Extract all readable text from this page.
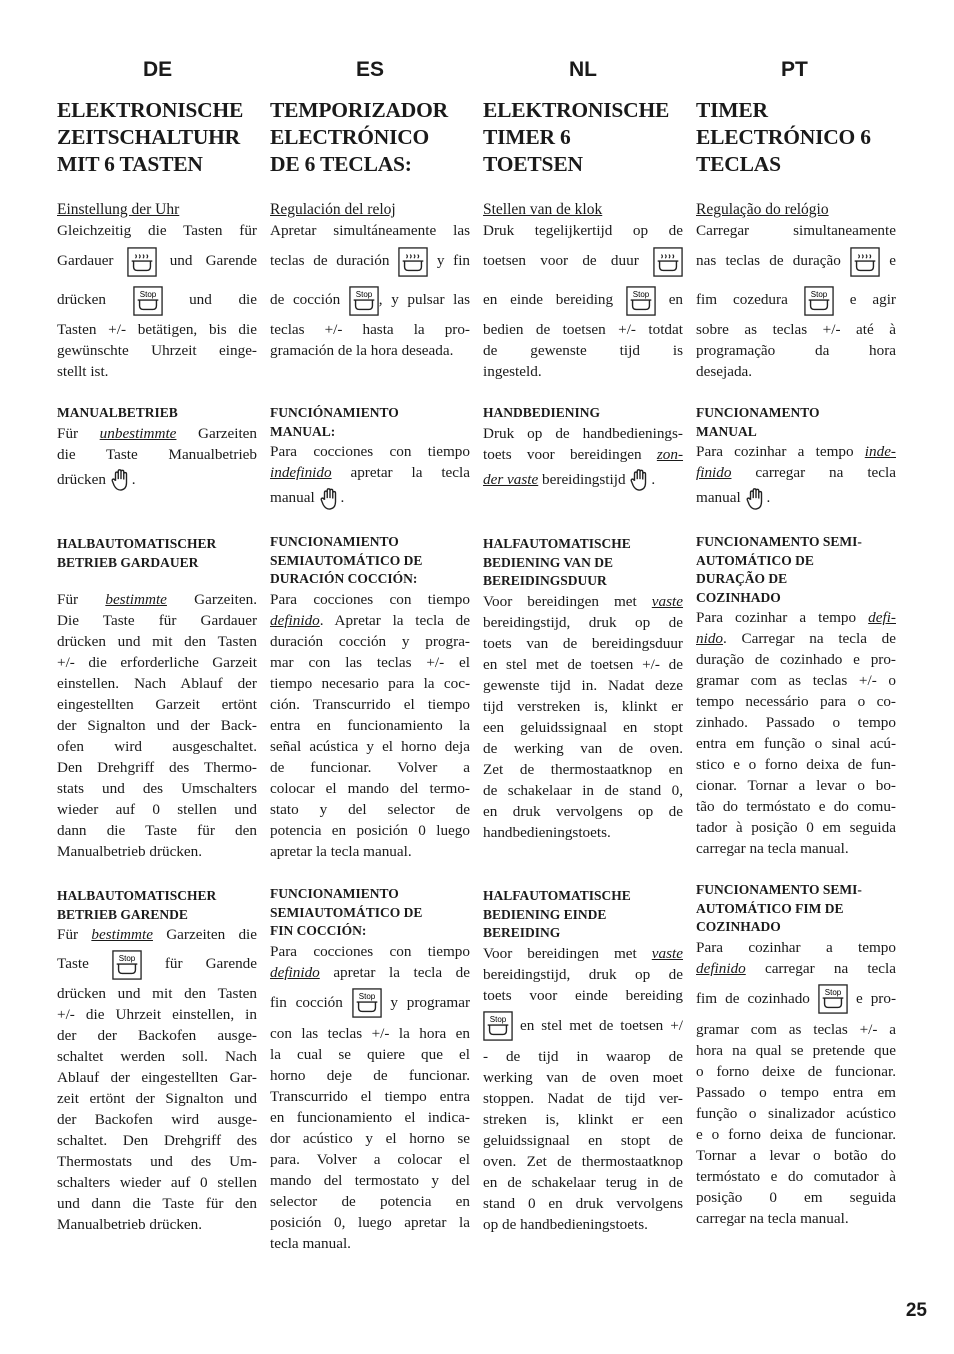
DE	ES	NL	PT

ELEKTRONISCHE
ZEITSCHALTUHR
MIT 6 TASTEN

Einstellung der Uhr
Gleichzeitig die Tasten für
Gardauer	und Garende
drücken	Stop und die
Tasten +/- betätigen, bis die
gewünschte Uhrzeit einge-
stellt ist.
MANUALBETRIEB
Für unbestimmte Garzeiten
die Taste Manualbetrieb
drücken .
HALBAUTOMATISCHER
BETRIEB GARDAUER
Für bestimmte Garzeiten.
Die Taste für Gardauer
drücken und mit den Tasten
+/- die erforderliche Garzeit
einstellen. Nach Ablauf der
eingestellten Garzeit ertönt
der Signalton und der Back-
ofen wird ausgeschaltet.
Den Drehgriff des Thermo-
stats und des Umschalters
wieder auf 0 stellen und
dann die Taste für den
Manualbetrieb drücken.
HALBAUTOMATISCHER
BETRIEB GARENDE
Für bestimmte Garzeiten die
Taste	Stop für Garende
drücken und mit den Tasten
+/- die Uhrzeit einstellen, in
der der Backofen ausge-
schaltet werden soll. Nach
Ablauf der eingestellten Gar-
zeit ertönt der Signalton und
der Backofen wird ausge-
schaltet. Den Drehgriff des
Thermostats und des Um-
schalters wieder auf 0 stellen
und dann die Taste für den
Manualbetrieb drücken.

TEMPORIZADOR
ELECTRÓNICO
DE 6 TECLAS:

Regulación del reloj
Apretar simultáneamente las
teclas de duración	y fin
de cocción Stop , y pulsar las
teclas +/- hasta la pro-
gramación de la hora deseada.
FUNCIÓNAMIENTO
MANUAL:
Para cocciones con tiempo
indefinido apretar la tecla
manual .
FUNCIONAMIENTO
SEMIAUTOMÁTICO DE
DURACIÓN COCCIÓN:
Para cocciones con tiempo
definido. Apretar la tecla de
duración cocción y progra-
mar con las teclas +/- el
tiempo necesario para la coc-
ción. Transcurrido el tiempo
entra en funcionamiento la
señal acústica y el horno deja
de funcionar. Volver a
colocar el mando del termo-
stato y del selector de
potencia en posición 0 luego
apretar la tecla manual.
FUNCIONAMIENTO
SEMIAUTOMÁTICO DE
FIN COCCIÓN:
Para cocciones con tiempo
definido apretar la tecla de
fin cocción Stop y programar
con las teclas +/- la hora en
la cual se quiere que el
horno deje de funcionar.
Transcurrido el tiempo entra
en funcionamiento el indica-
dor acústico y el horno se
para. Volver a colocar el
mando del termostato y del
selector de potencia en
posición 0, luego apretar la
tecla manual.

ELEKTRONISCHE
TIMER 6
TOETSEN

Stellen van de klok
Druk tegelijkertijd op de
toetsen voor de duur
en einde bereiding Stop en
bedien de toetsen +/- totdat
de gewenste tijd is
ingesteld.
HANDBEDIENING
Druk op de handbedienings-
toets voor bereidingen zon-
der vaste bereidingstijd .
HALFAUTOMATISCHE
BEDIENING VAN DE
BEREIDINGSDUUR
Voor bereidingen met vaste
bereidingstijd, druk op de
toets van de bereidingsduur
en stel met de toetsen +/- de
gewenste tijd in. Nadat deze
tijd verstreken is, klinkt er
een geluidssignaal en stopt
de werking van de oven.
Zet de thermostaatknop en
de schakelaar in de stand 0,
en druk vervolgens op de
handbedieningstoets.
HALFAUTOMATISCHE
BEDIENING EINDE
BEREIDING
Voor bereidingen met vaste
bereidingstijd, druk op de
toets voor einde bereiding
Stop en stel met de toetsen +/
- de tijd in waarop de
werking van de oven moet
stoppen. Nadat de tijd ver-
streken is, klinkt er een
geluidssignaal en stopt de
oven. Zet de thermostaatknop
en de schakelaar terug in de
stand 0 en druk vervolgens
op de handbedieningstoets.

TIMER
ELECTRÓNICO 6
TECLAS

Regulação do relógio
Carregar simultaneamente
nas teclas de duração	e
fim cozedura	Stop e agir
sobre as teclas +/- até à
programação da hora
desejada.
FUNCIONAMENTO
MANUAL
Para cozinhar a tempo inde-
finido carregar na tecla
manual .
FUNCIONAMENTO SEMI-
AUTOMÁTICO DE
DURAÇÃO DE
COZINHADO
Para cozinhar a tempo defi-
nido. Carregar na tecla de
duração de cozinhado e pro-
gramar com as teclas +/- o
tempo necessário para o co-
zinhado. Passado o tempo
entra em função o sinal acú-
stico e o forno deixa de fun-
cionar. Tornar a levar o bo-
tão do termóstato e do comu-
tador à posição 0 em seguida
carregar na tecla manual.
FUNCIONAMENTO SEMI-
AUTOMÁTICO FIM DE
COZINHADO
Para cozinhar a tempo
definido carregar na tecla
fim de cozinhado Stop e pro-
gramar com as teclas +/- a
hora na qual se pretende que
o forno deixe de funcionar.
Passado o tempo entra em
função o sinalizador acústico
e o forno deixa de funcionar.
Tornar a levar o botão do
termóstato e do comutador à
posição 0 em seguida
carregar na tecla manual.
25
